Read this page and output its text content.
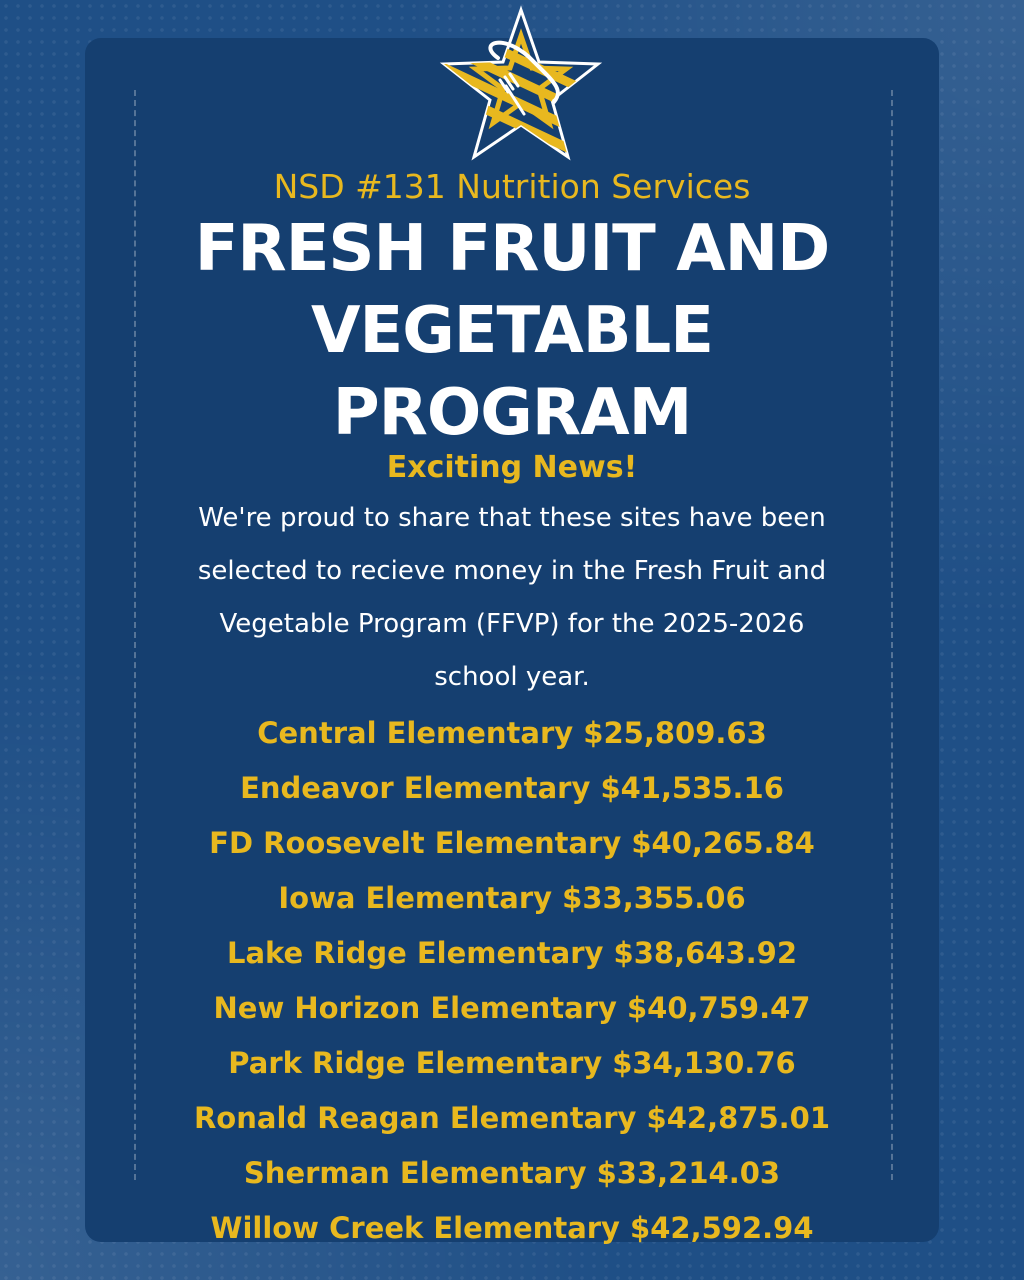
NSD #131 Nutrition Services
FRESH FRUIT AND
VEGETABLE
PROGRAM
Exciting News!
We're proud to share that these sites have been
selected to recieve money in the Fresh Fruit and
Vegetable Program (FFVP) for the 2025-2026
school year.
Central Elementary $25,809.63
Endeavor Elementary $41,535.16
FD Roosevelt Elementary $40,265.84
Iowa Elementary $33,355.06
Lake Ridge Elementary $38,643.92
New Horizon Elementary $40,759.47
Park Ridge Elementary $34,130.76
Ronald Reagan Elementary $42,875.01
Sherman Elementary $33,214.03
Willow Creek Elementary $42,592.94
